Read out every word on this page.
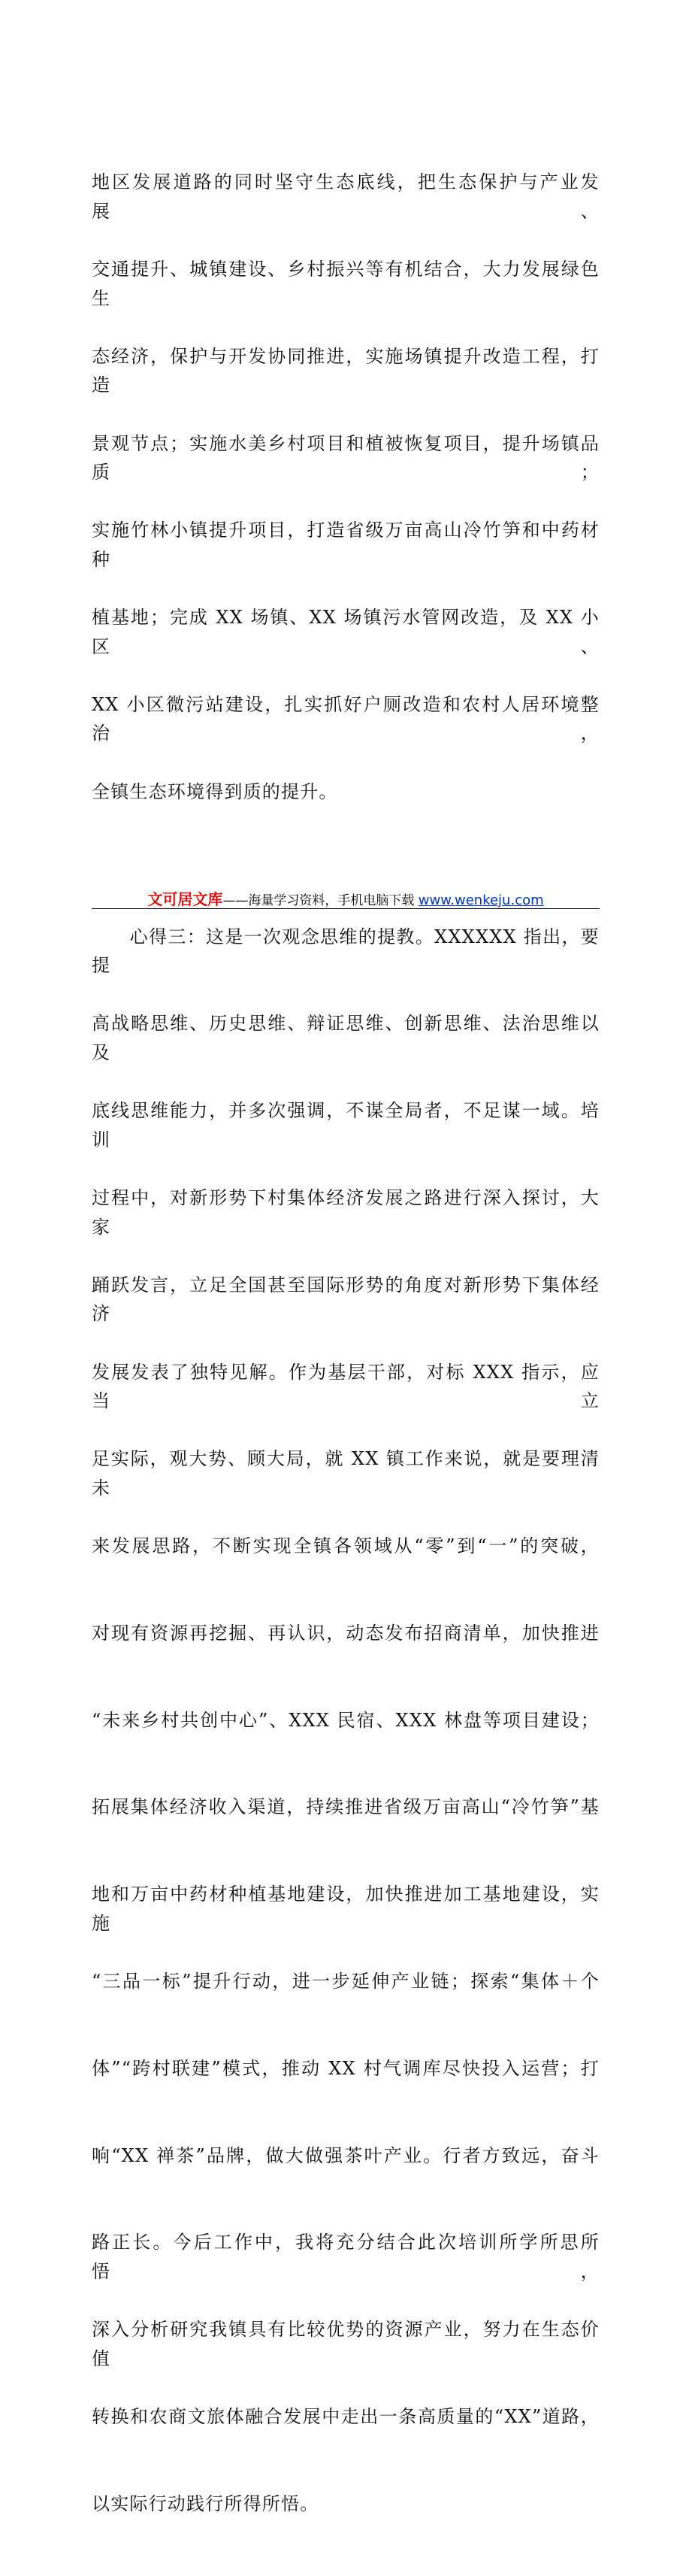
地区发展道路的同时坚守生态底线，把生态保护与产业发展、

交通提升、城镇建设、乡村振兴等有机结合，大力发展绿色生

态经济，保护与开发协同推进，实施场镇提升改造工程，打造

景观节点；实施水美乡村项目和植被恢复项目，提升场镇品质；

实施竹林小镇提升项目，打造省级万亩高山冷竹笋和中药材种

植基地；完成 XX 场镇、XX 场镇污水管网改造，及 XX 小区、

XX 小区微污站建设，扎实抓好户厕改造和农村人居环境整治，

全镇生态环境得到质的提升。

　　心得三：这是一次观念思维的提教。XXXXXX 指出，要提

高战略思维、历史思维、辩证思维、创新思维、法治思维以及

底线思维能力，并多次强调，不谋全局者，不足谋一域。培训

过程中，对新形势下村集体经济发展之路进行深入探讨，大家

踊跃发言，立足全国甚至国际形势的角度对新形势下集体经济

发展发表了独特见解。作为基层干部，对标 XXX 指示，应当立

足实际，观大势、顾大局，就 XX 镇工作来说，就是要理清未

来发展思路，不断实现全镇各领域从“零”到“一”的突破，

对现有资源再挖掘、再认识，动态发布招商清单，加快推进

“未来乡村共创中心”、XXX 民宿、XXX 林盘等项目建设；

拓展集体经济收入渠道，持续推进省级万亩高山“冷竹笋”基

地和万亩中药材种植基地建设，加快推进加工基地建设，实施

“三品一标”提升行动，进一步延伸产业链；探索“集体＋个

体”“跨村联建”模式，推动 XX 村气调库尽快投入运营；打

响“XX 禅茶”品牌，做大做强茶叶产业。行者方致远，奋斗

路正长。今后工作中，我将充分结合此次培训所学所思所悟，

深入分析研究我镇具有比较优势的资源产业，努力在生态价值

转换和农商文旅体融合发展中走出一条高质量的“XX”道路，

以实际行动践行所得所悟。

文可居文库——海量学习资料，手机电脑下载 www.wenkeju.com
